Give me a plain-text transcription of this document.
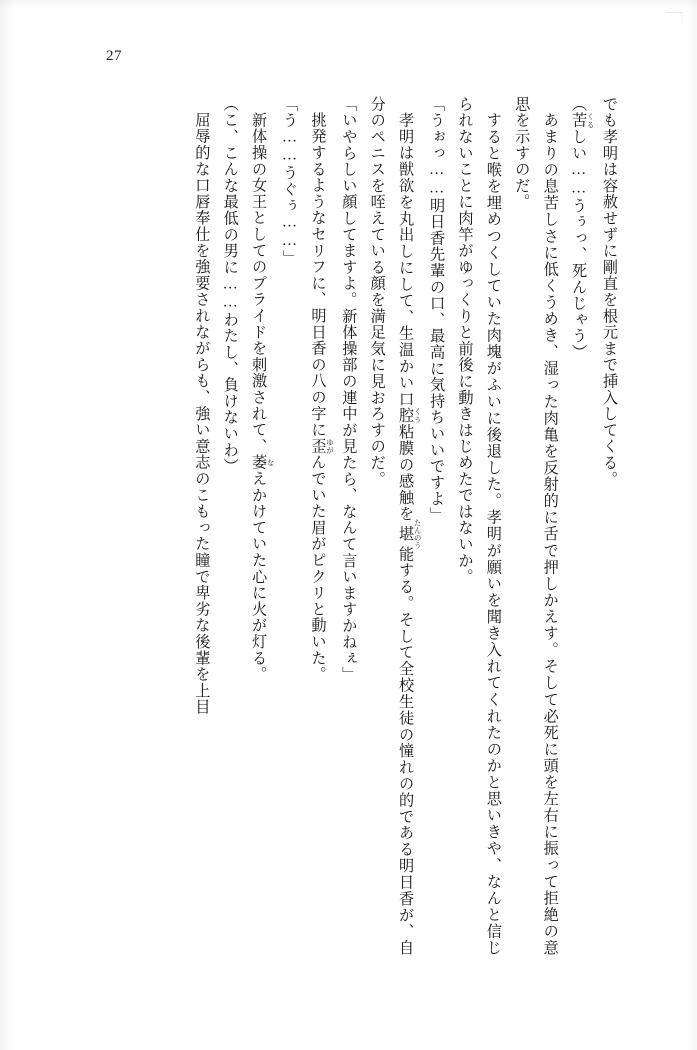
27

でも孝明は容赦せずに剛直を根元まで挿入してくる。

（苦 くるしい……うぅっ、死んじゃう）

あまりの息苦しさに低くうめき、湿った肉亀を反射的に舌で押しかえす。そして必死に頭を左右に振って拒絶の意思を示すのだ。

すると喉を埋めつくしていた肉塊がふいに後退した。孝明が願いを聞き入れてくれたのかと思いきや、なんと信じられないことに肉竿がゆっくりと前後に動きはじめたではないか。

「うぉっ……明日香先輩の口、最高に気持ちいいですよ」

孝明は獣欲を丸出しにして、生温かい口腔 くう粘膜の感触を堪 たんのう能する。そして全校生徒の憧れの的である明日香が、自分のペニスを咥えている顔を満足気に見おろすのだ。

「いやらしい顔してますよ。新体操部の連中が見たら、なんて言いますかねぇ」

挑発するようなセリフに、明日香の八の字に歪 ゆがんでいた眉がピクリと動いた。

「う……うぐぅ……」

新体操の女王としてのプライドを刺激されて、萎 なえかけていた心に火が灯る。

（こ、こんな最低の男に……わたし、負けないわ）

屈辱的な口唇奉仕を強要されながらも、強い意志のこもった瞳で卑劣な後輩を上目
